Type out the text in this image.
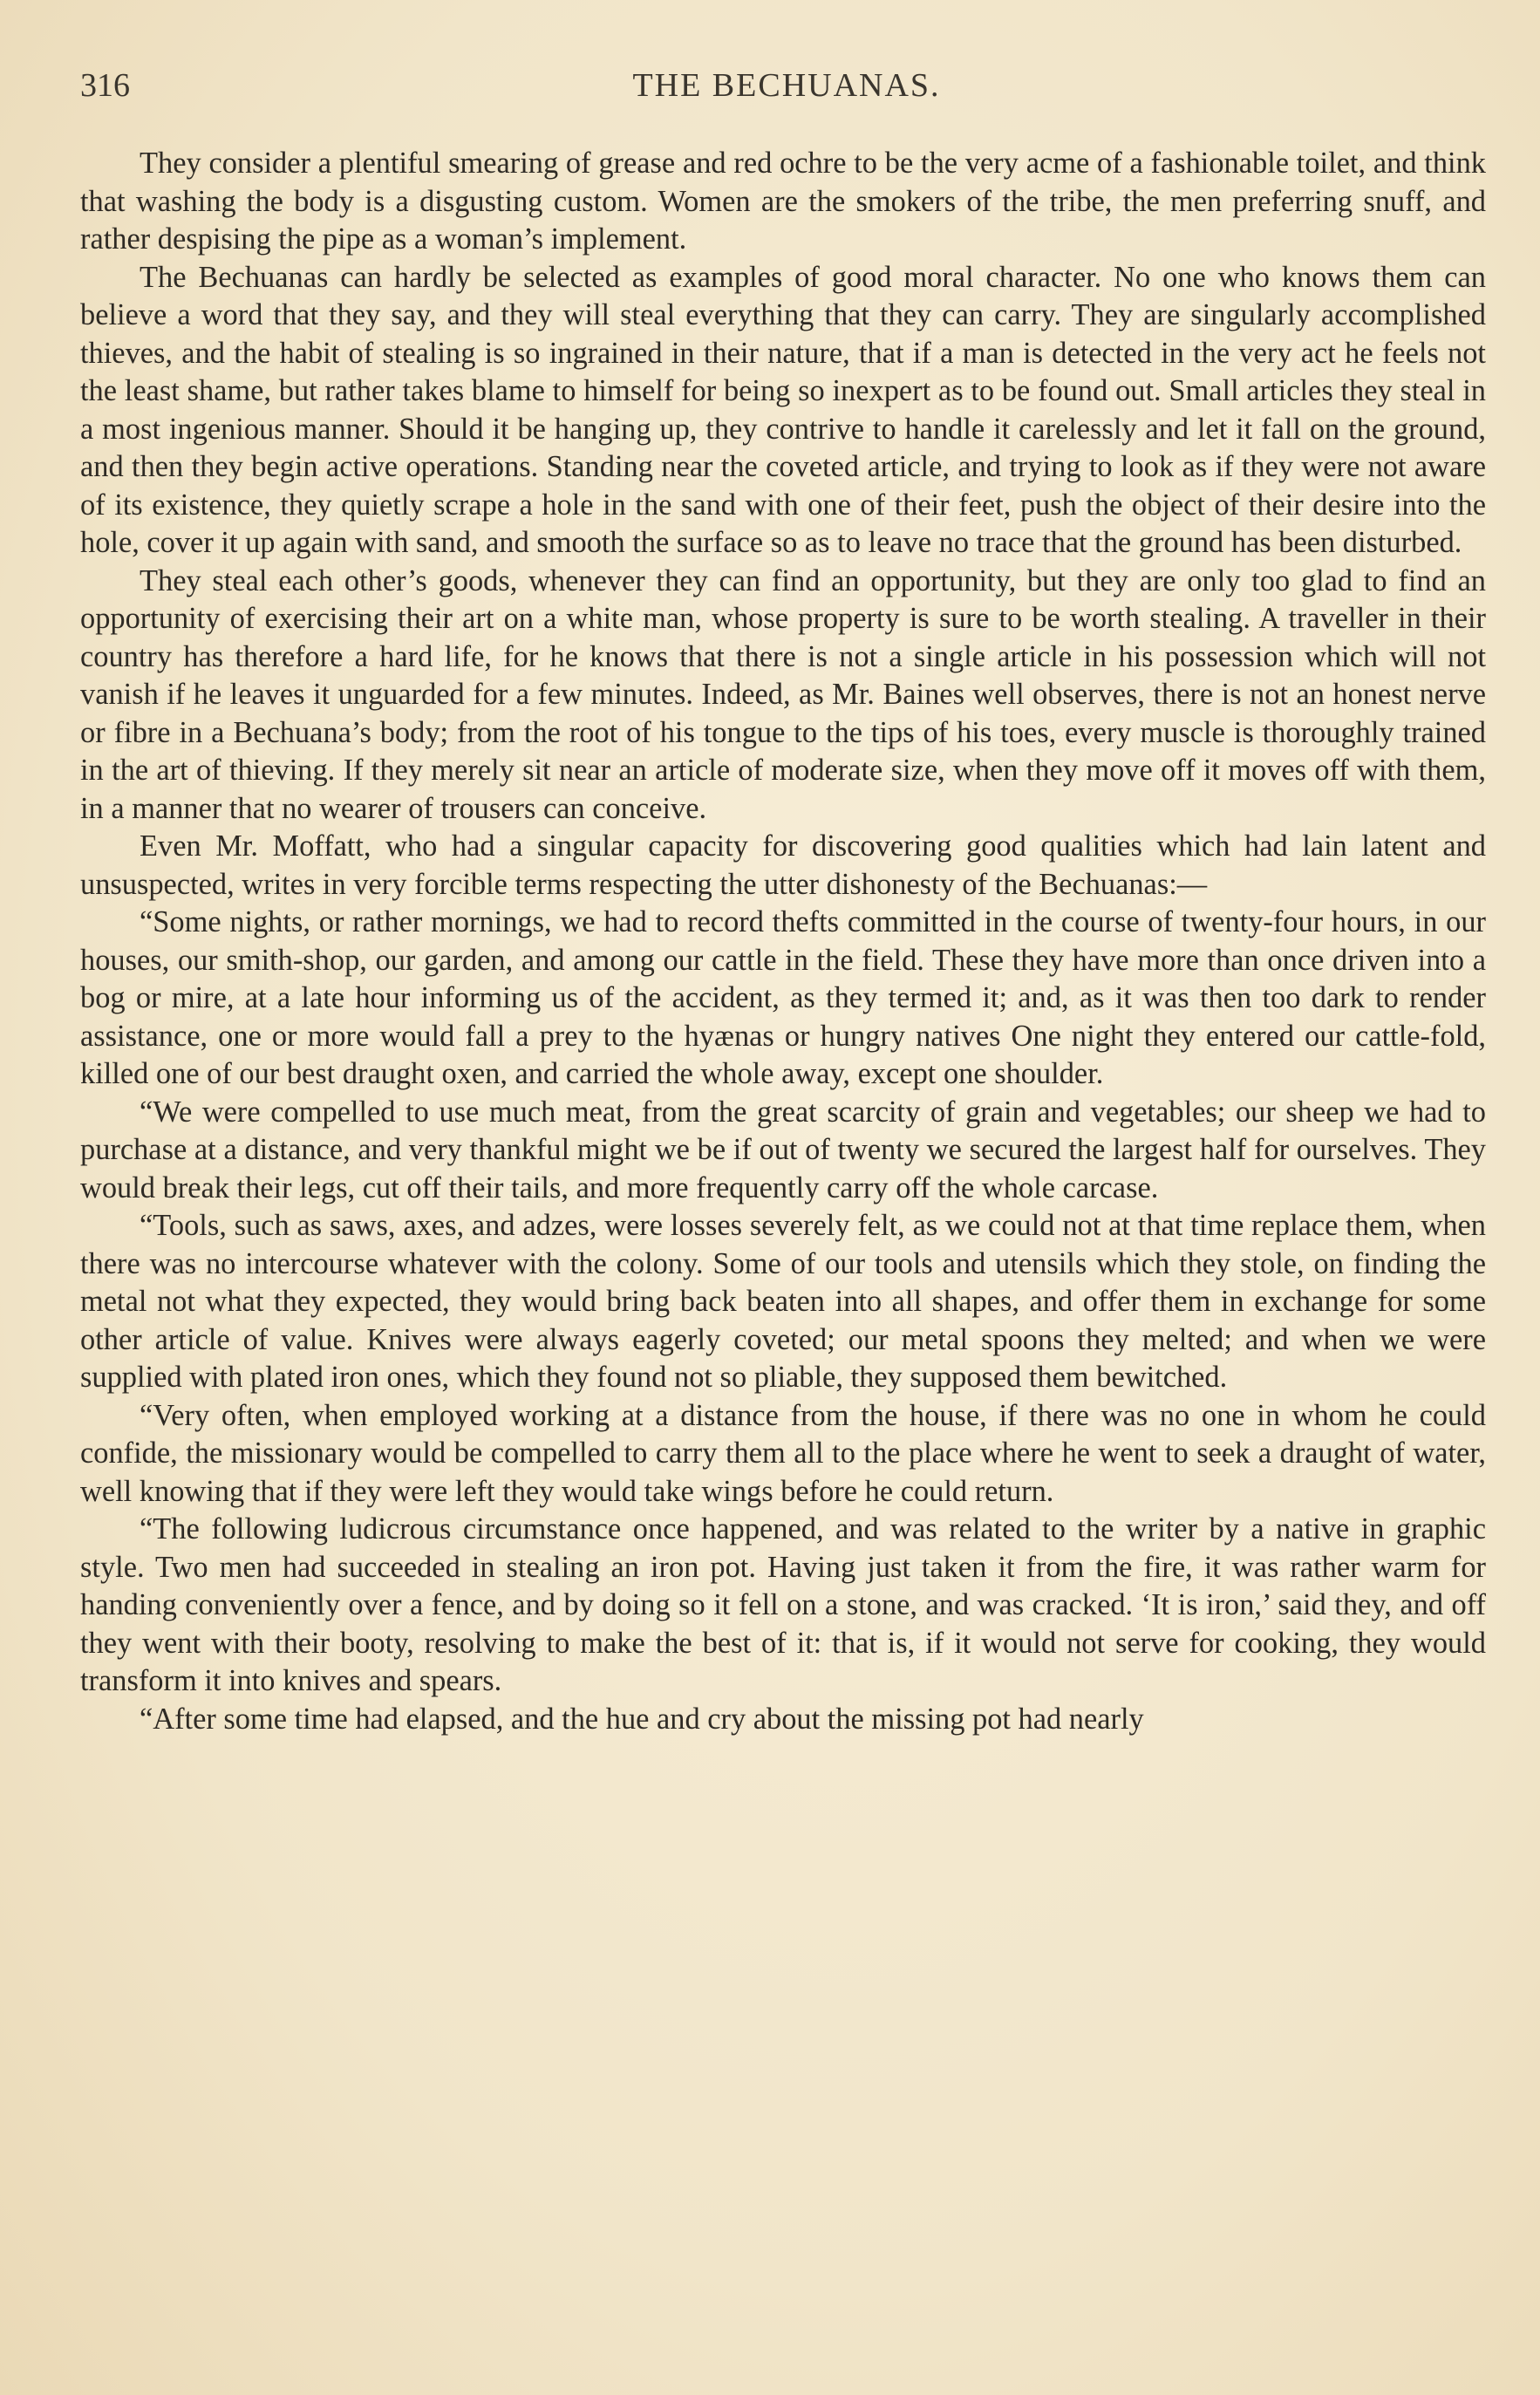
316	THE BECHUANAS.

They consider a plentiful smearing of grease and red ochre to be the very acme of a fashionable toilet, and think that washing the body is a disgusting custom. Women are the smokers of the tribe, the men preferring snuff, and rather despising the pipe as a woman’s implement.

The Bechuanas can hardly be selected as examples of good moral character. No one who knows them can believe a word that they say, and they will steal everything that they can carry. They are singularly accomplished thieves, and the habit of stealing is so ingrained in their nature, that if a man is detected in the very act he feels not the least shame, but rather takes blame to himself for being so inexpert as to be found out. Small articles they steal in a most ingenious manner. Should it be hanging up, they contrive to handle it carelessly and let it fall on the ground, and then they begin active operations. Standing near the coveted article, and trying to look as if they were not aware of its existence, they quietly scrape a hole in the sand with one of their feet, push the object of their desire into the hole, cover it up again with sand, and smooth the surface so as to leave no trace that the ground has been disturbed.

They steal each other’s goods, whenever they can find an opportunity, but they are only too glad to find an opportunity of exercising their art on a white man, whose property is sure to be worth stealing. A traveller in their country has therefore a hard life, for he knows that there is not a single article in his possession which will not vanish if he leaves it unguarded for a few minutes. Indeed, as Mr. Baines well observes, there is not an honest nerve or fibre in a Bechuana’s body; from the root of his tongue to the tips of his toes, every muscle is thoroughly trained in the art of thieving. If they merely sit near an article of moderate size, when they move off it moves off with them, in a manner that no wearer of trousers can conceive.

Even Mr. Moffatt, who had a singular capacity for discovering good qualities which had lain latent and unsuspected, writes in very forcible terms respecting the utter dishonesty of the Bechuanas:—

“Some nights, or rather mornings, we had to record thefts committed in the course of twenty-four hours, in our houses, our smith-shop, our garden, and among our cattle in the field. These they have more than once driven into a bog or mire, at a late hour informing us of the accident, as they termed it; and, as it was then too dark to render assistance, one or more would fall a prey to the hyænas or hungry natives One night they entered our cattle-fold, killed one of our best draught oxen, and carried the whole away, except one shoulder.

“We were compelled to use much meat, from the great scarcity of grain and vegetables; our sheep we had to purchase at a distance, and very thankful might we be if out of twenty we secured the largest half for ourselves. They would break their legs, cut off their tails, and more frequently carry off the whole carcase.

“Tools, such as saws, axes, and adzes, were losses severely felt, as we could not at that time replace them, when there was no intercourse whatever with the colony. Some of our tools and utensils which they stole, on finding the metal not what they expected, they would bring back beaten into all shapes, and offer them in exchange for some other article of value. Knives were always eagerly coveted; our metal spoons they melted; and when we were supplied with plated iron ones, which they found not so pliable, they supposed them bewitched.

“Very often, when employed working at a distance from the house, if there was no one in whom he could confide, the missionary would be compelled to carry them all to the place where he went to seek a draught of water, well knowing that if they were left they would take wings before he could return.

“The following ludicrous circumstance once happened, and was related to the writer by a native in graphic style. Two men had succeeded in stealing an iron pot. Having just taken it from the fire, it was rather warm for handing conveniently over a fence, and by doing so it fell on a stone, and was cracked. ‘It is iron,’ said they, and off they went with their booty, resolving to make the best of it: that is, if it would not serve for cooking, they would transform it into knives and spears.

“After some time had elapsed, and the hue and cry about the missing pot had nearly
